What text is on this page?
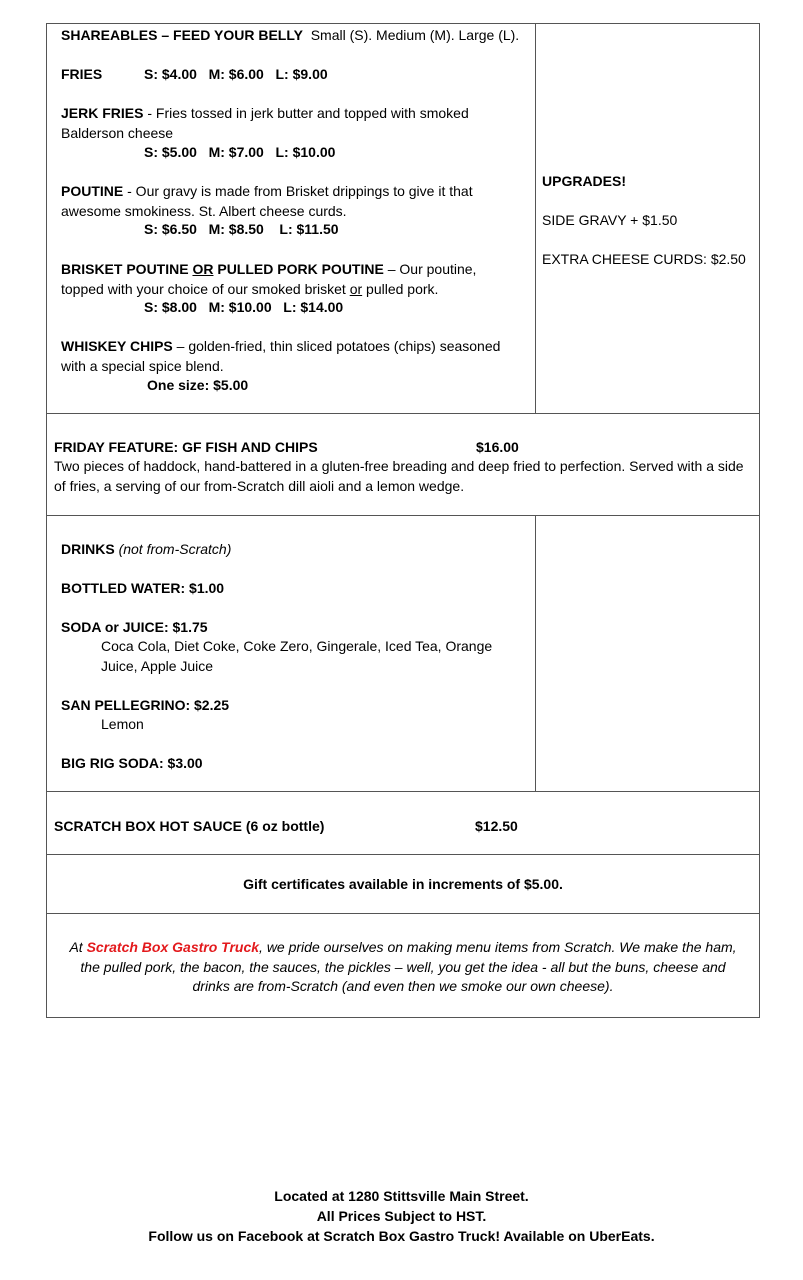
SHAREABLES – FEED YOUR BELLY Small (S). Medium (M). Large (L).
FRIES	S: $4.00   M: $6.00   L: $9.00
JERK FRIES - Fries tossed in jerk butter and topped with smoked Balderson cheese
S: $5.00   M: $7.00   L: $10.00
POUTINE - Our gravy is made from Brisket drippings to give it that awesome smokiness. St. Albert cheese curds.
S: $6.50   M: $8.50    L: $11.50
BRISKET POUTINE OR PULLED PORK POUTINE – Our poutine, topped with your choice of our smoked brisket or pulled pork.
S: $8.00   M: $10.00   L: $14.00
WHISKEY CHIPS – golden-fried, thin sliced potatoes (chips) seasoned with a special spice blend.
One size: $5.00
UPGRADES!
SIDE GRAVY + $1.50
EXTRA CHEESE CURDS: $2.50
FRIDAY FEATURE: GF FISH AND CHIPS	$16.00
Two pieces of haddock, hand-battered in a gluten-free breading and deep fried to perfection. Served with a side of fries, a serving of our from-Scratch dill aioli and a lemon wedge.
DRINKS (not from-Scratch)
BOTTLED WATER: $1.00
SODA or JUICE: $1.75
Coca Cola, Diet Coke, Coke Zero, Gingerale, Iced Tea, Orange Juice, Apple Juice
SAN PELLEGRINO: $2.25
Lemon
BIG RIG SODA: $3.00
SCRATCH BOX HOT SAUCE (6 oz bottle)	$12.50
Gift certificates available in increments of $5.00.
At Scratch Box Gastro Truck, we pride ourselves on making menu items from Scratch. We make the ham, the pulled pork, the bacon, the sauces, the pickles – well, you get the idea - all but the buns, cheese and drinks are from-Scratch (and even then we smoke our own cheese).
Located at 1280 Stittsville Main Street.
All Prices Subject to HST.
Follow us on Facebook at Scratch Box Gastro Truck! Available on UberEats.
